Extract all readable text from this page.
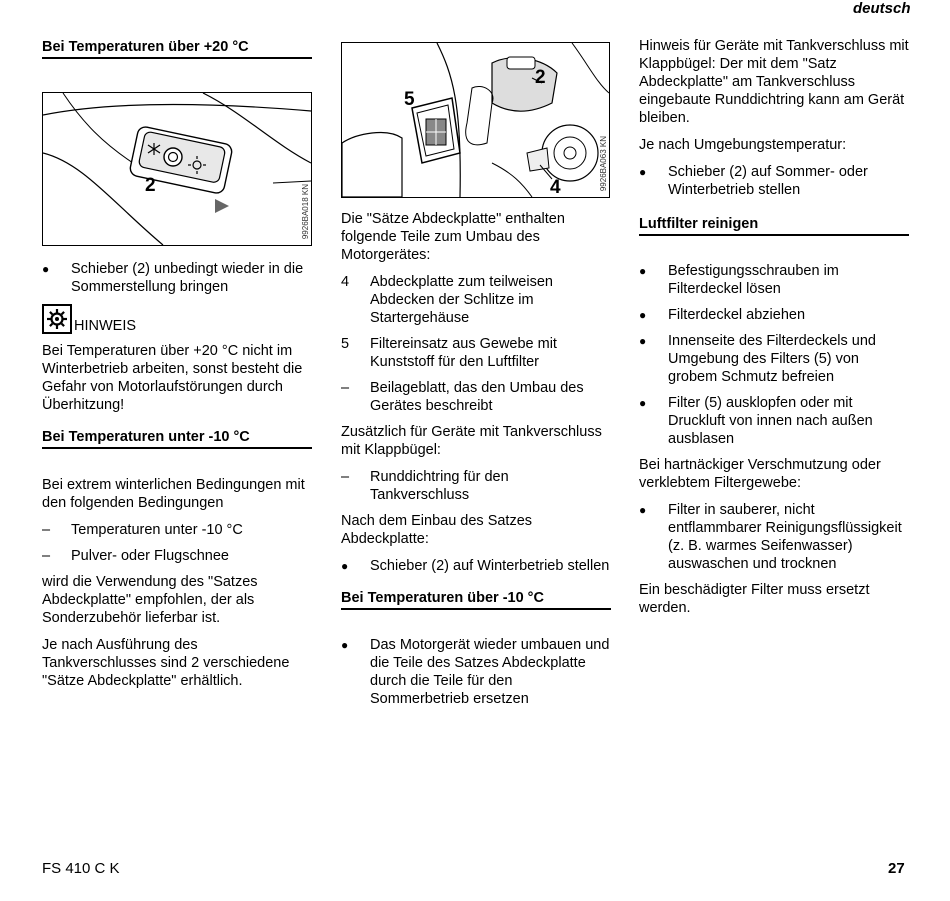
deutsch
Bei Temperaturen über +20 °C
2	9926BA018 KN
● Schieber (2) unbedingt wieder in die Sommerstellung bringen
HINWEIS

Bei Temperaturen über +20 °C nicht im Winterbetrieb arbeiten, sonst besteht die Gefahr von Motorlaufstörungen durch Überhitzung!

Bei Temperaturen unter -10 °C

Bei extrem winterlichen Bedingungen mit den folgenden Bedingungen

– Temperaturen unter -10 °C
– Pulver- oder Flugschnee

wird die Verwendung des "Satzes Abdeckplatte" empfohlen, der als Sonderzubehör lieferbar ist.

Je nach Ausführung des Tankverschlusses sind 2 verschiedene "Sätze Abdeckplatte" erhältlich.

2
5
4	9926BA063 KN

Die "Sätze Abdeckplatte" enthalten folgende Teile zum Umbau des Motorgerätes:

4 Abdeckplatte zum teilweisen Abdecken der Schlitze im Startergehäuse
5 Filtereinsatz aus Gewebe mit Kunststoff für den Luftfilter
– Beilageblatt, das den Umbau des Gerätes beschreibt

Zusätzlich für Geräte mit Tankverschluss mit Klappbügel:

– Runddichtring für den Tankverschluss

Nach dem Einbau des Satzes Abdeckplatte:

● Schieber (2) auf Winterbetrieb stellen
Bei Temperaturen über -10 °C
● Das Motorgerät wieder umbauen und die Teile des Satzes Abdeckplatte durch die Teile für den Sommerbetrieb ersetzen

Hinweis für Geräte mit Tankverschluss mit Klappbügel: Der mit dem "Satz Abdeckplatte" am Tankverschluss eingebaute Runddichtring kann am Gerät bleiben.

Je nach Umgebungstemperatur:

● Schieber (2) auf Sommer- oder Winterbetrieb stellen
Luftfilter reinigen
● Befestigungsschrauben im Filterdeckel lösen
● Filterdeckel abziehen
● Innenseite des Filterdeckels und Umgebung des Filters (5) von grobem Schmutz befreien
● Filter (5) ausklopfen oder mit Druckluft von innen nach außen ausblasen

Bei hartnäckiger Verschmutzung oder verklebtem Filtergewebe:

● Filter in sauberer, nicht entflammbarer Reinigungsflüssigkeit (z. B. warmes Seifenwasser) auswaschen und trocknen

Ein beschädigter Filter muss ersetzt werden.

FS 410 C K	27
